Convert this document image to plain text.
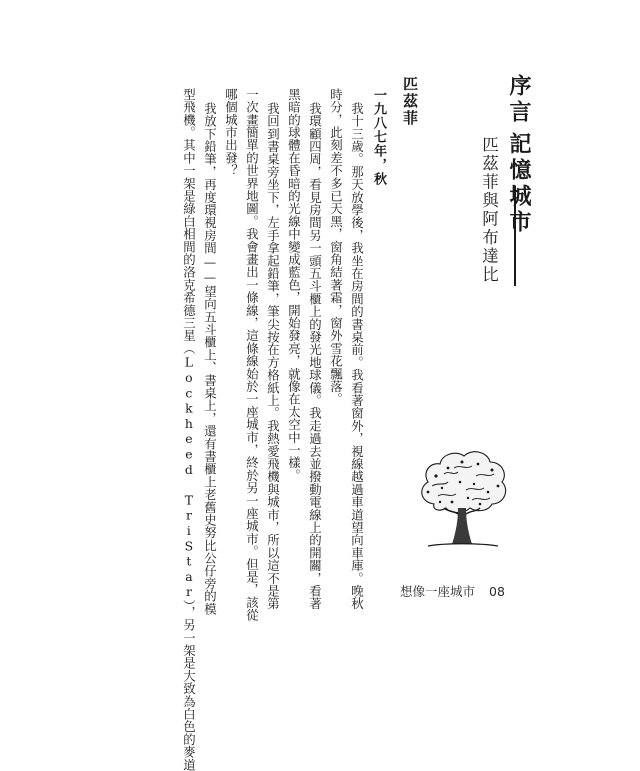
序言
記憶城市
匹茲菲與阿布達比
匹茲菲
一九八七年，秋
我十三歲。那天放學後，我坐在房間的書桌前。我看著窗外，視線越過車道望向車庫。晚秋
時分，此刻差不多已天黑，窗角結著霜，窗外雪花飄落。
我環顧四周，看見房間另一頭五斗櫃上的發光地球儀。我走過去並撥動電線上的開關，看著
黑暗的球體在昏暗的光線中變成藍色，開始發亮，就像在太空中一樣。
我回到書桌旁坐下，左手拿起鉛筆，筆尖按在方格紙上。我熱愛飛機與城市，所以這不是第
一次畫簡單的世界地圖。我會畫出一條線，這條線始於一座城市，終於另一座城市。但是，該從
哪個城市出發？
我放下鉛筆，再度環視房間——望向五斗櫃上、書桌上，還有書櫃上老舊史努比公仔旁的模
型飛機。其中一架是綠白相間的洛克希德三星（Lockheed TriStar），另一架是大致為白色的麥道	想像一座城市 08
